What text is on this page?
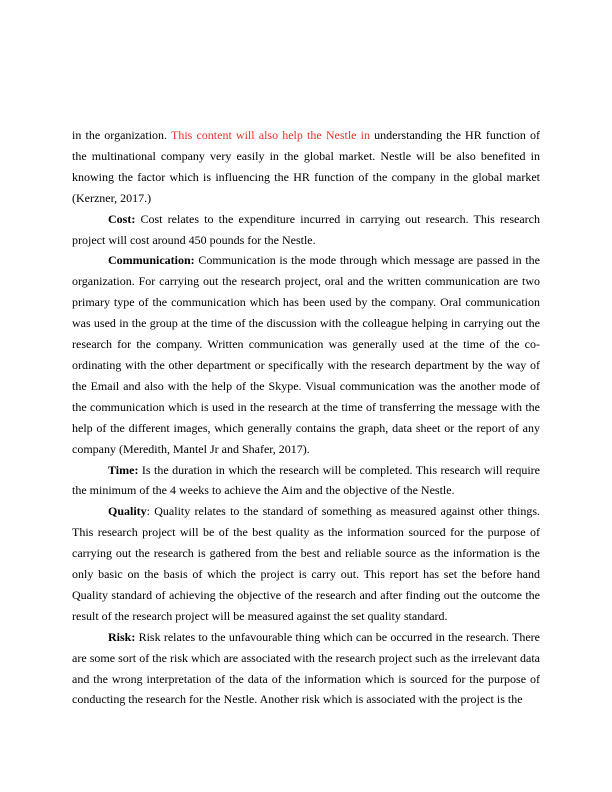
in the organization. This content will also help the Nestle in understanding the HR function of the multinational company very easily in the global market. Nestle will be also benefited in knowing the factor which is influencing the HR function of the company in the global market (Kerzner, 2017.)

Cost: Cost relates to the expenditure incurred in carrying out research. This research project will cost around 450 pounds for the Nestle.

Communication: Communication is the mode through which message are passed in the organization. For carrying out the research project, oral and the written communication are two primary type of the communication which has been used by the company. Oral communication was used in the group at the time of the discussion with the colleague helping in carrying out the research for the company. Written communication was generally used at the time of the co-ordinating with the other department or specifically with the research department by the way of the Email and also with the help of the Skype. Visual communication was the another mode of the communication which is used in the research at the time of transferring the message with the help of the different images, which generally contains the graph, data sheet or the report of any company (Meredith, Mantel Jr and Shafer, 2017).

Time: Is the duration in which the research will be completed. This research will require the minimum of the 4 weeks to achieve the Aim and the objective of the Nestle.

Quality: Quality relates to the standard of something as measured against other things. This research project will be of the best quality as the information sourced for the purpose of carrying out the research is gathered from the best and reliable source as the information is the only basic on the basis of which the project is carry out. This report has set the before hand Quality standard of achieving the objective of the research and after finding out the outcome the result of the research project will be measured against the set quality standard.

Risk: Risk relates to the unfavourable thing which can be occurred in the research. There are some sort of the risk which are associated with the research project such as the irrelevant data and the wrong interpretation of the data of the information which is sourced for the purpose of conducting the research for the Nestle. Another risk which is associated with the project is the
